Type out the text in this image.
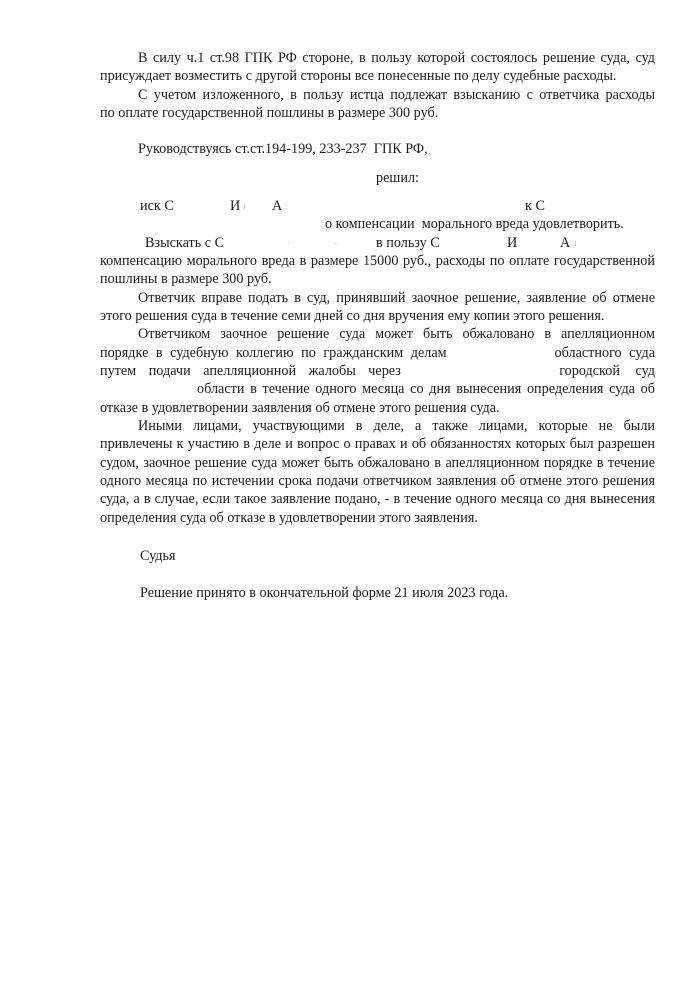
В силу ч.1 ст.98 ГПК РФ стороне, в пользу которой состоялось решение суда, суд
присуждает возместить с другой стороны все понесенные по делу судебные расходы.
С учетом изложенного, в пользу истца подлежат взысканию с ответчика расходы
по оплате государственной пошлины в размере 300 руб.
Руководствуясь ст.ст.194-199, 233-237  ГПК РФ,
решил:
иск С	И ı А :	к С
о компенсации  морального вреда удовлетворить.
Взыскать с С	·	-	в пользу С	И	А ı
компенсацию морального вреда в размере 15000 руб., расходы по оплате государственной
пошлины в размере 300 руб.
Ответчик вправе подать в суд, принявший заочное решение, заявление об отмене
этого решения суда в течение семи дней со дня вручения ему копии этого решения.
Ответчиком заочное решение суда может быть обжаловано в апелляционном
порядке в судебную коллегию по гражданским делам	областного суда
путем подачи апелляционной жалобы через	городской суд
области в течение одного месяца со дня вынесения определения суда об
отказе в удовлетворении заявления об отмене этого решения суда.
Иными лицами, участвующими в деле, а также лицами, которые не были
привлечены к участию в деле и вопрос о правах и об обязанностях которых был разрешен
судом, заочное решение суда может быть обжаловано в апелляционном порядке в течение
одного месяца по истечении срока подачи ответчиком заявления об отмене этого решения
суда, а в случае, если такое заявление подано, - в течение одного месяца со дня вынесения
определения суда об отказе в удовлетворении этого заявления.
Судья
Решение принято в окончательной форме 21 июля 2023 года.
